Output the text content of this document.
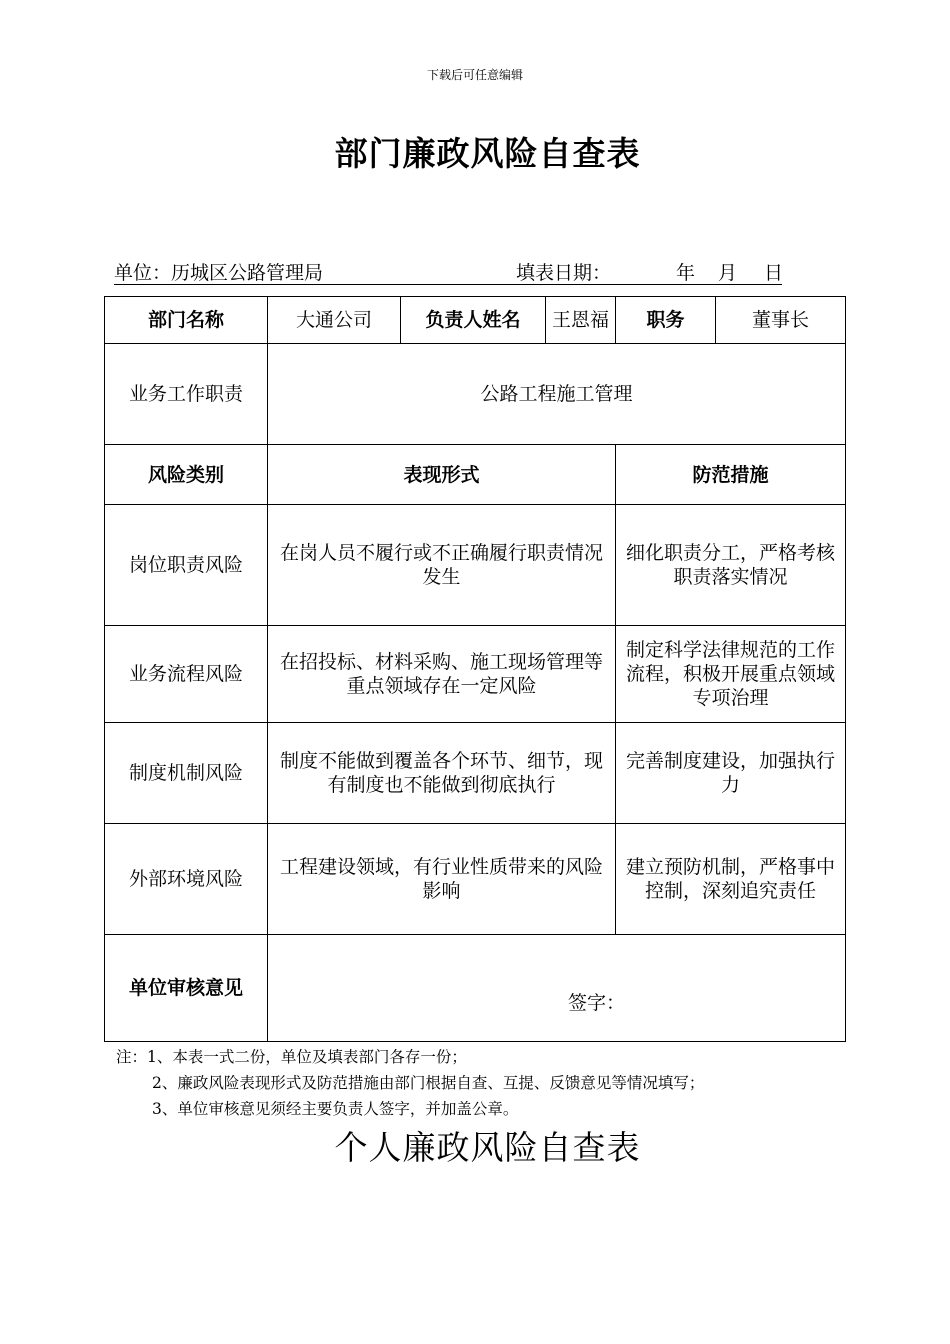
下载后可任意编辑
部门廉政风险自查表
单位：历城区公路管理局	填表日期：	年 月 日
部门名称	大通公司	负责人姓名	王恩福	职务	董事长
业务工作职责	公路工程施工管理				
风险类别	表现形式			防范措施	
岗位职责风险	在岗人员不履行或不正确履行职责情况发生			细化职责分工，严格考核职责落实情况	
业务流程风险	在招投标、材料采购、施工现场管理等重点领域存在一定风险			制定科学法律规范的工作流程，积极开展重点领域专项治理	
制度机制风险	制度不能做到覆盖各个环节、细节，现有制度也不能做到彻底执行			完善制度建设，加强执行力	
外部环境风险	工程建设领域，有行业性质带来的风险影响			建立预防机制，严格事中控制，深刻追究责任	
单位审核意见	签字：				
注：1、本表一式二份，单位及填表部门各存一份；
2、廉政风险表现形式及防范措施由部门根据自查、互提、反馈意见等情况填写；
3、单位审核意见须经主要负责人签字，并加盖公章。
个人廉政风险自查表
